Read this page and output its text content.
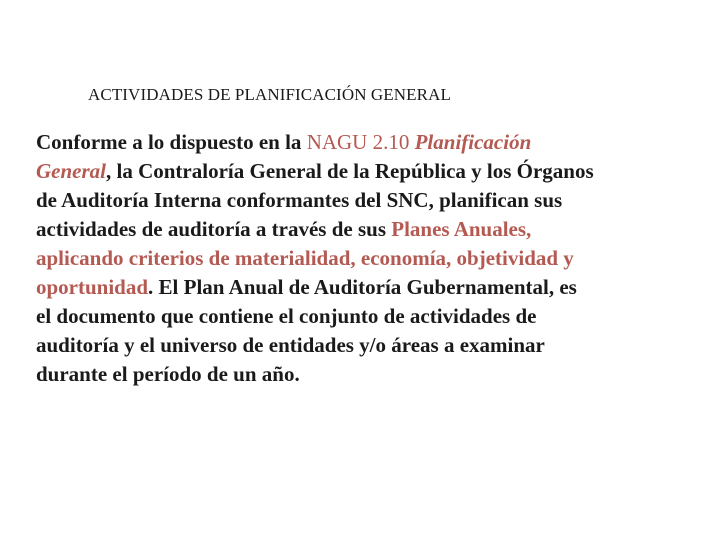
ACTIVIDADES DE PLANIFICACIÓN GENERAL
Conforme a lo dispuesto en la NAGU 2.10 Planificación General, la Contraloría General de la República y los Órganos de Auditoría Interna conformantes del SNC, planifican sus actividades de auditoría a través de sus Planes Anuales, aplicando criterios de materialidad, economía, objetividad y oportunidad. El Plan Anual de Auditoría Gubernamental, es el documento que contiene el conjunto de actividades de auditoría y el universo de entidades y/o áreas a examinar durante el período de un año.
